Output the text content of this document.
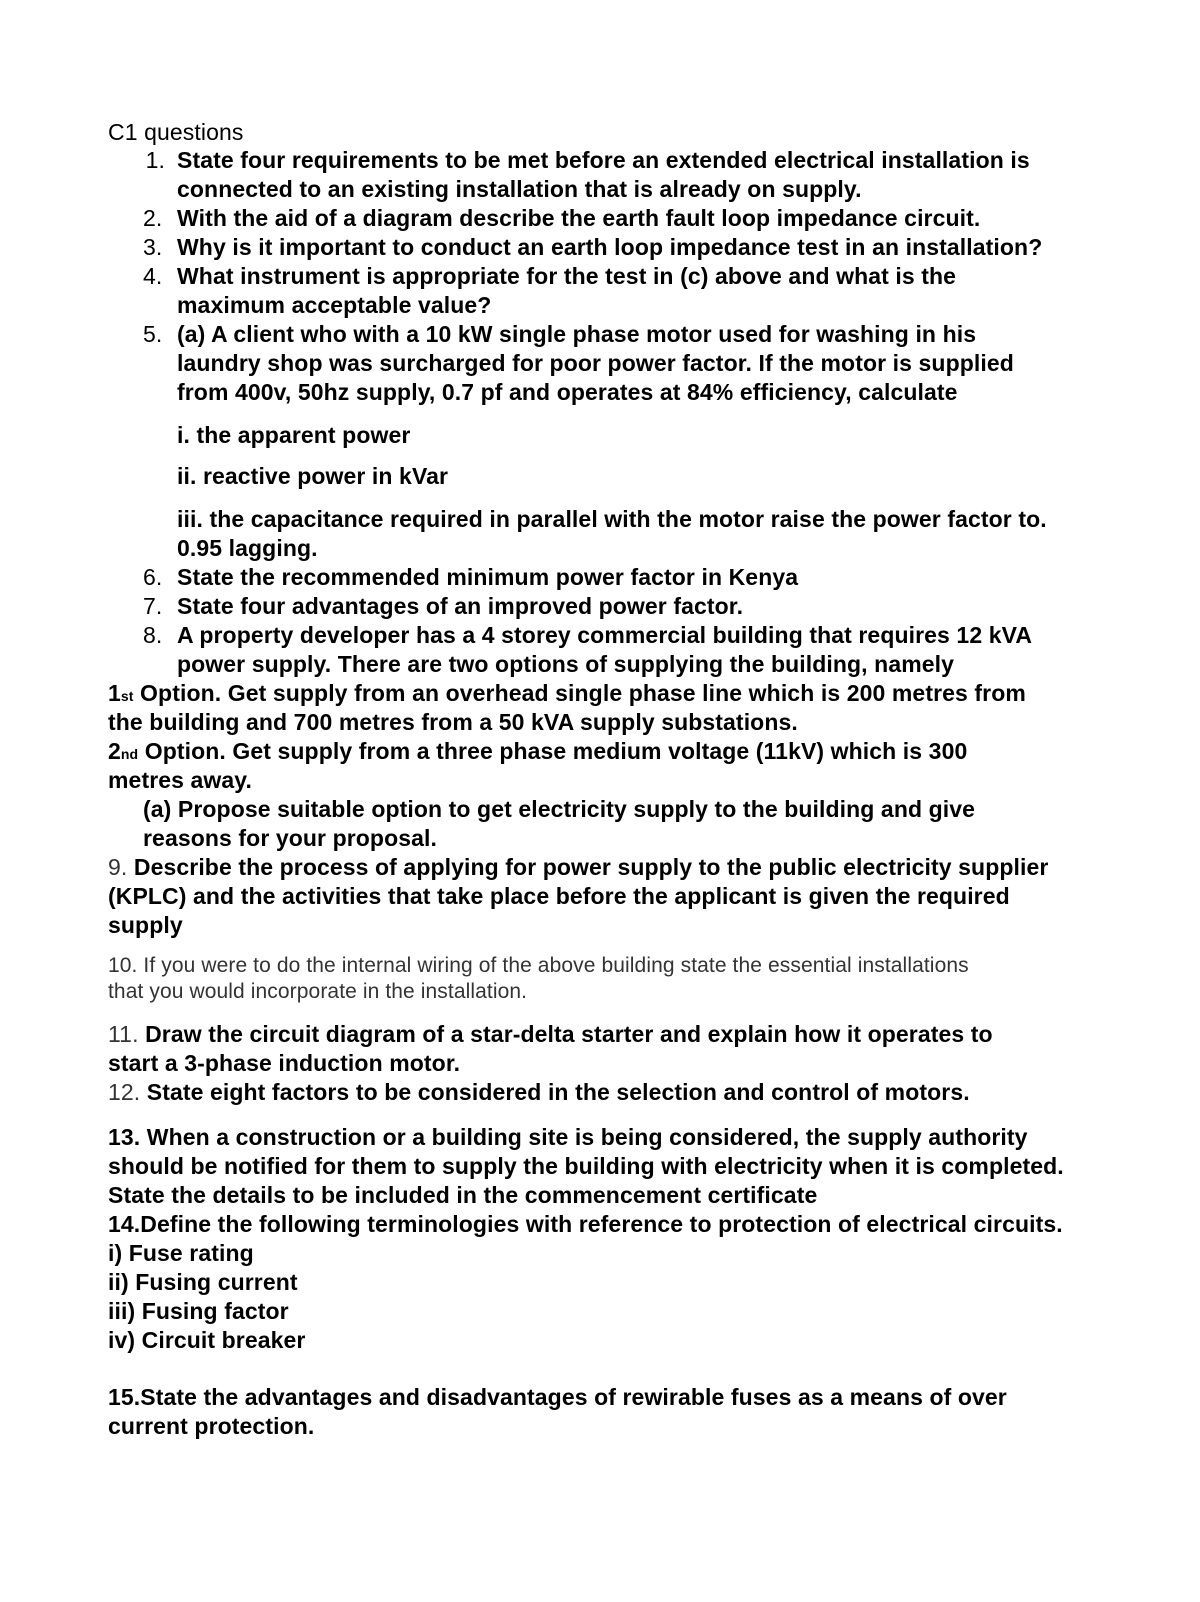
C1 questions
1. State four requirements to be met before an extended electrical installation is
connected to an existing installation that is already on supply.
2. With the aid of a diagram describe the earth fault loop impedance circuit.
3. Why is it important to conduct an earth loop impedance test in an installation?
4. What instrument is appropriate for the test in (c) above and what is the
maximum acceptable value?
5. (a) A client who with a 10 kW single phase motor used for washing in his
laundry shop was surcharged for poor power factor. If the motor is supplied
from 400v, 50hz supply, 0.7 pf and operates at 84% efficiency, calculate
i. the apparent power
ii. reactive power in kVar
iii. the capacitance required in parallel with the motor raise the power factor to.
0.95 lagging.
6. State the recommended minimum power factor in Kenya
7. State four advantages of an improved power factor.
8. A property developer has a 4 storey commercial building that requires 12 kVA
power supply. There are two options of supplying the building, namely
1st Option. Get supply from an overhead single phase line which is 200 metres from
the building and 700 metres from a 50 kVA supply substations.
2nd Option. Get supply from a three phase medium voltage (11kV) which is 300
metres away.
(a) Propose suitable option to get electricity supply to the building and give
reasons for your proposal.
9. Describe the process of applying for power supply to the public electricity supplier
(KPLC) and the activities that take place before the applicant is given the required
supply
10. If you were to do the internal wiring of the above building state the essential installations
that you would incorporate in the installation.
11. Draw the circuit diagram of a star-delta starter and explain how it operates to
start a 3-phase induction motor.
12. State eight factors to be considered in the selection and control of motors.
13. When a construction or a building site is being considered, the supply authority
should be notified for them to supply the building with electricity when it is completed.
State the details to be included in the commencement certificate
14.Define the following terminologies with reference to protection of electrical circuits.
i) Fuse rating
ii) Fusing current
iii) Fusing factor
iv) Circuit breaker
15.State the advantages and disadvantages of rewirable fuses as a means of over
current protection.
